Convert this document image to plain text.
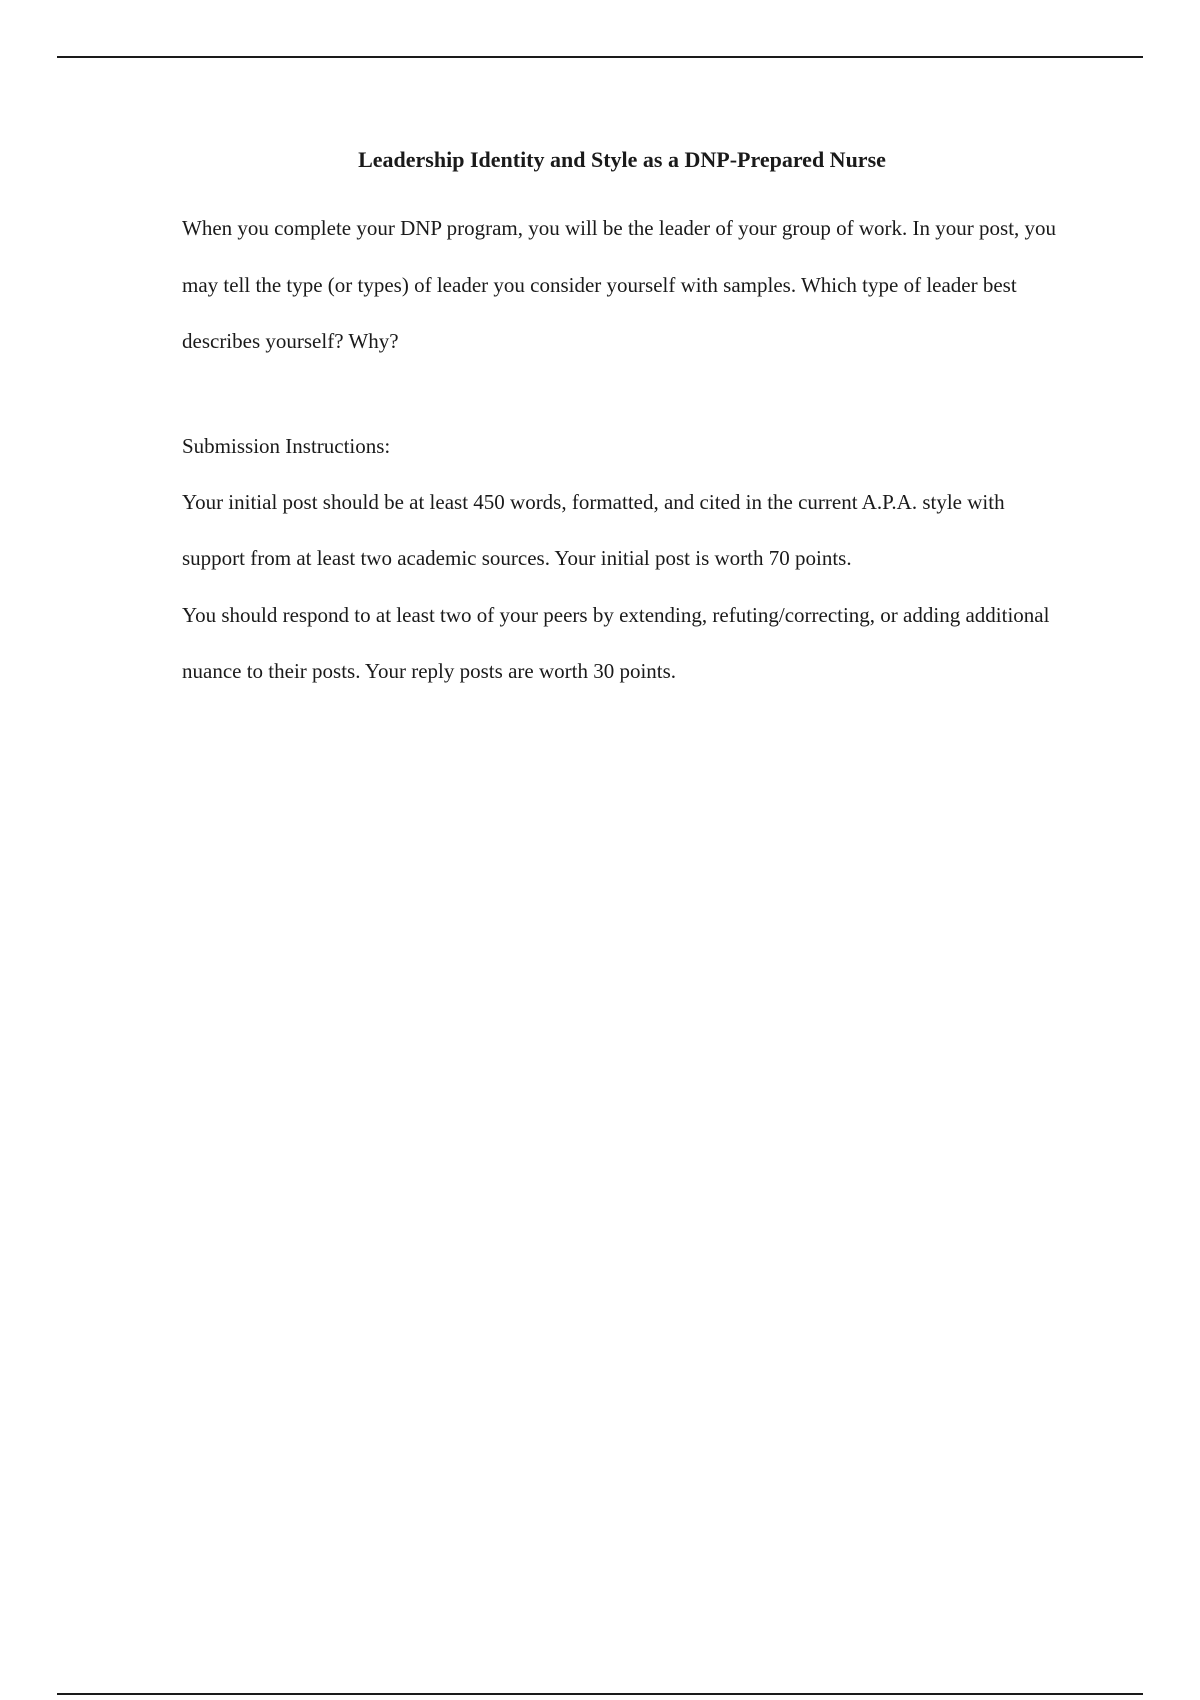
Leadership Identity and Style as a DNP-Prepared Nurse

When you complete your DNP program, you will be the leader of your group of work. In your post, you may tell the type (or types) of leader you consider yourself with samples. Which type of leader best describes yourself? Why?

Submission Instructions:

Your initial post should be at least 450 words, formatted, and cited in the current A.P.A. style with support from at least two academic sources. Your initial post is worth 70 points.

You should respond to at least two of your peers by extending, refuting/correcting, or adding additional nuance to their posts. Your reply posts are worth 30 points.
